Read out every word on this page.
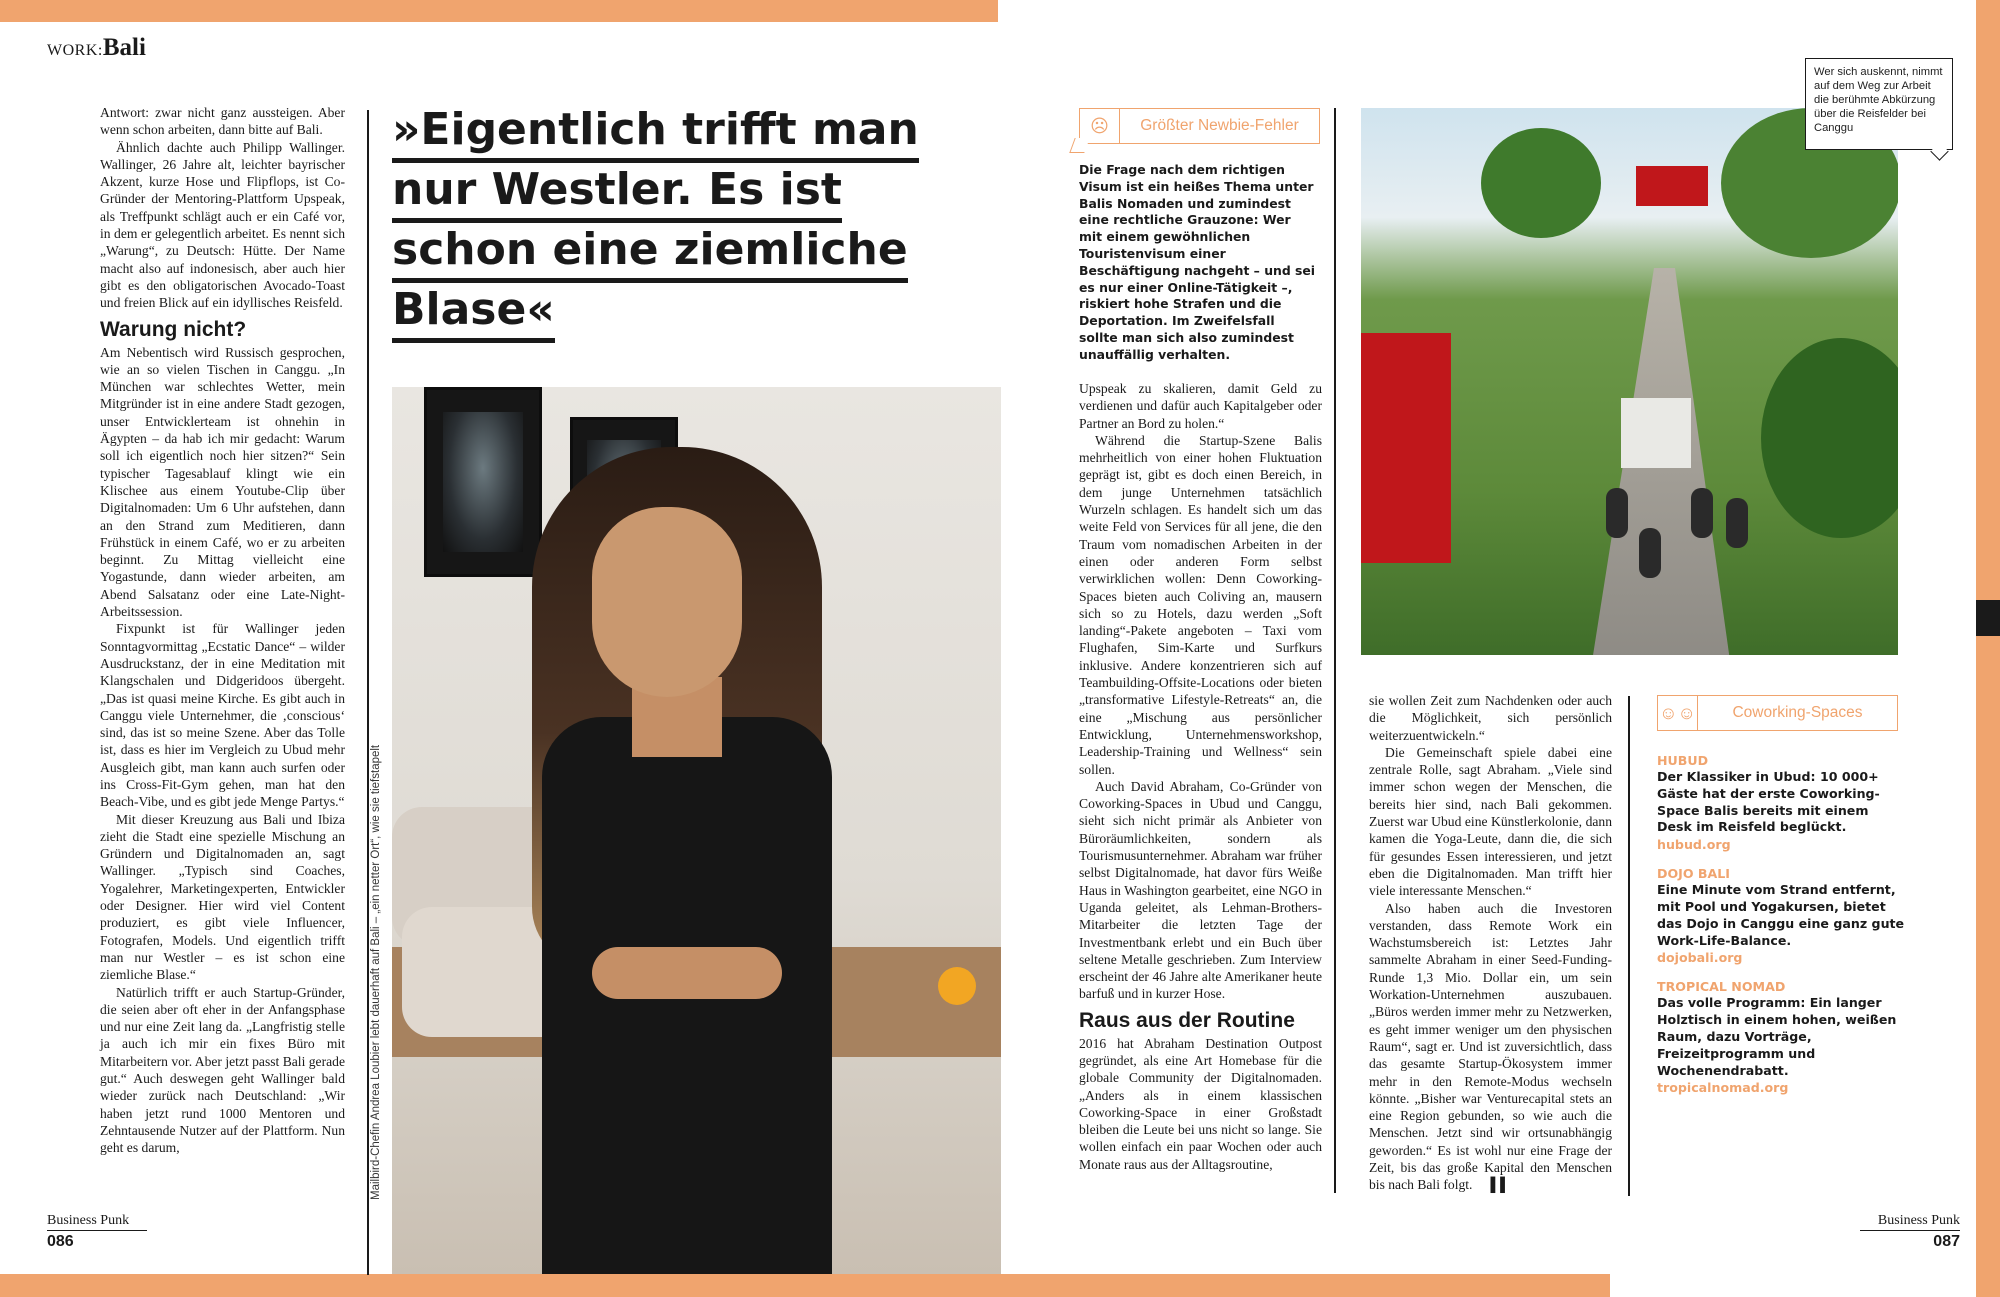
WORK:Bali

Antwort: zwar nicht ganz aussteigen. Aber wenn schon arbeiten, dann bitte auf Bali.

Ähnlich dachte auch Philipp Wallinger. Wallinger, 26 Jahre alt, leichter bayrischer Akzent, kurze Hose und Flipflops, ist Co-Gründer der Mentoring-Plattform Upspeak, als Treffpunkt schlägt auch er ein Café vor, in dem er gelegentlich arbeitet. Es nennt sich „Warung“, zu Deutsch: Hütte. Der Name macht also auf indonesisch, aber auch hier gibt es den obligatorischen Avocado-Toast und freien Blick auf ein idyllisches Reisfeld.

Warung nicht?

Am Nebentisch wird Russisch gesprochen, wie an so vielen Tischen in Canggu. „In München war schlechtes Wetter, mein Mitgründer ist in eine andere Stadt gezogen, unser Entwicklerteam ist ohnehin in Ägypten – da hab ich mir gedacht: Warum soll ich eigentlich noch hier sitzen?“ Sein typischer Tagesablauf klingt wie ein Klischee aus einem Youtube-Clip über Digitalnomaden: Um 6 Uhr aufstehen, dann an den Strand zum Meditieren, dann Frühstück in einem Café, wo er zu arbeiten beginnt. Zu Mittag vielleicht eine Yogastunde, dann wieder arbeiten, am Abend Salsatanz oder eine Late-Night-Arbeitssession.

Fixpunkt ist für Wallinger jeden Sonntagvormittag „Ecstatic Dance“ – wilder Ausdruckstanz, der in eine Meditation mit Klangschalen und Didgeridoos übergeht. „Das ist quasi meine Kirche. Es gibt auch in Canggu viele Unternehmer, die ‚conscious‘ sind, das ist so meine Szene. Aber das Tolle ist, dass es hier im Vergleich zu Ubud mehr Ausgleich gibt, man kann auch surfen oder ins Cross-Fit-Gym gehen, man hat den Beach-Vibe, und es gibt jede Menge Partys.“

Mit dieser Kreuzung aus Bali und Ibiza zieht die Stadt eine spezielle Mischung an Gründern und Digitalnomaden an, sagt Wallinger. „Typisch sind Coaches, Yogalehrer, Marketingexperten, Entwickler oder Designer. Hier wird viel Content produziert, es gibt viele Influencer, Fotografen, Models. Und eigentlich trifft man nur Westler – es ist schon eine ziemliche Blase.“

Natürlich trifft er auch Startup-Gründer, die seien aber oft eher in der Anfangsphase und nur eine Zeit lang da. „Langfristig stelle ja auch ich mir ein fixes Büro mit Mitarbeitern vor. Aber jetzt passt Bali gerade gut.“ Auch deswegen geht Wallinger bald wieder zurück nach Deutschland: „Wir haben jetzt rund 1000 Mentoren und Zehntausende Nutzer auf der Plattform. Nun geht es darum,

»Eigentlich trifft man nur Westler. Es ist schon eine ziemliche Blase«
Mailbird-Chefin Andrea Loubier lebt dauerhaft auf Bali – „ein netter Ort“, wie sie tiefstapelt
☹	Größter Newbie-Fehler
Die Frage nach dem richtigen Visum ist ein heißes Thema unter Balis Nomaden und zumindest eine rechtliche Grauzone: Wer mit einem gewöhnlichen Touristenvisum einer Beschäftigung nachgeht – und sei es nur einer Online-Tätigkeit –, riskiert hohe Strafen und die Deportation. Im Zweifelsfall sollte man sich also zumindest unauffällig verhalten.

Upspeak zu skalieren, damit Geld zu verdienen und dafür auch Kapitalgeber oder Partner an Bord zu holen.“

Während die Startup-Szene Balis mehrheitlich von einer hohen Fluktuation geprägt ist, gibt es doch einen Bereich, in dem junge Unternehmen tatsächlich Wurzeln schlagen. Es handelt sich um das weite Feld von Services für all jene, die den Traum vom nomadischen Arbeiten in der einen oder anderen Form selbst verwirklichen wollen: Denn Coworking-Spaces bieten auch Coliving an, mausern sich so zu Hotels, dazu werden „Soft landing“-Pakete angeboten – Taxi vom Flughafen, Sim-Karte und Surfkurs inklusive. Andere konzentrieren sich auf Teambuilding-Offsite-Locations oder bieten „transformative Lifestyle-Retreats“ an, die eine „Mischung aus persönlicher Entwicklung, Unternehmensworkshop, Leadership-Training und Wellness“ sein sollen.

Auch David Abraham, Co-Gründer von Coworking-Spaces in Ubud und Canggu, sieht sich nicht primär als Anbieter von Büroräumlichkeiten, sondern als Tourismusunternehmer. Abraham war früher selbst Digitalnomade, hat davor fürs Weiße Haus in Washington gearbeitet, eine NGO in Uganda geleitet, als Lehman-Brothers-Mitarbeiter die letzten Tage der Investmentbank erlebt und ein Buch über seltene Metalle geschrieben. Zum Interview erscheint der 46 Jahre alte Amerikaner heute barfuß und in kurzer Hose.

Raus aus der Routine

2016 hat Abraham Destination Outpost gegründet, als eine Art Homebase für die globale Community der Digitalnomaden. „Anders als in einem klassischen Coworking-Space in einer Großstadt bleiben die Leute bei uns nicht so lange. Sie wollen einfach ein paar Wochen oder auch Monate raus aus der Alltagsroutine,

Wer sich auskennt, nimmt auf dem Weg zur Arbeit die berühmte Abkürzung über die Reisfelder bei Canggu

sie wollen Zeit zum Nachdenken oder auch die Möglichkeit, sich persönlich weiterzuentwickeln.“

Die Gemeinschaft spiele dabei eine zentrale Rolle, sagt Abraham. „Viele sind immer schon wegen der Menschen, die bereits hier sind, nach Bali gekommen. Zuerst war Ubud eine Künstlerkolonie, dann kamen die Yoga-Leute, dann die, die sich für gesundes Essen interessieren, und jetzt eben die Digitalnomaden. Man trifft hier viele interessante Menschen.“

Also haben auch die Investoren verstanden, dass Remote Work ein Wachstumsbereich ist: Letztes Jahr sammelte Abraham in einer Seed-Funding-Runde 1,3 Mio. Dollar ein, um sein Workation-Unternehmen auszubauen. „Büros werden immer mehr zu Netzwerken, es geht immer weniger um den physischen Raum“, sagt er. Und ist zuversichtlich, dass das gesamte Startup-Ökosystem immer mehr in den Remote-Modus wechseln könnte. „Bisher war Venturecapital stets an eine Region gebunden, so wie auch die Menschen. Jetzt sind wir ortsunabhängig geworden.“ Es ist wohl nur eine Frage der Zeit, bis das große Kapital den Menschen bis nach Bali folgt. ▌▌

☺☺	Coworking-Spaces
HUBUD
Der Klassiker in Ubud: 10 000+ Gäste hat der erste Coworking-Space Balis bereits mit einem Desk im Reisfeld beglückt.
hubud.org
DOJO BALI
Eine Minute vom Strand entfernt, mit Pool und Yogakursen, bietet das Dojo in Canggu eine ganz gute Work-Life-Balance.
dojobali.org
TROPICAL NOMAD
Das volle Programm: Ein langer Holztisch in einem hohen, weißen Raum, dazu Vorträge, Freizeitprogramm und Wochenendrabatt.
tropicalnomad.org
Business Punk
086
Business Punk
087
